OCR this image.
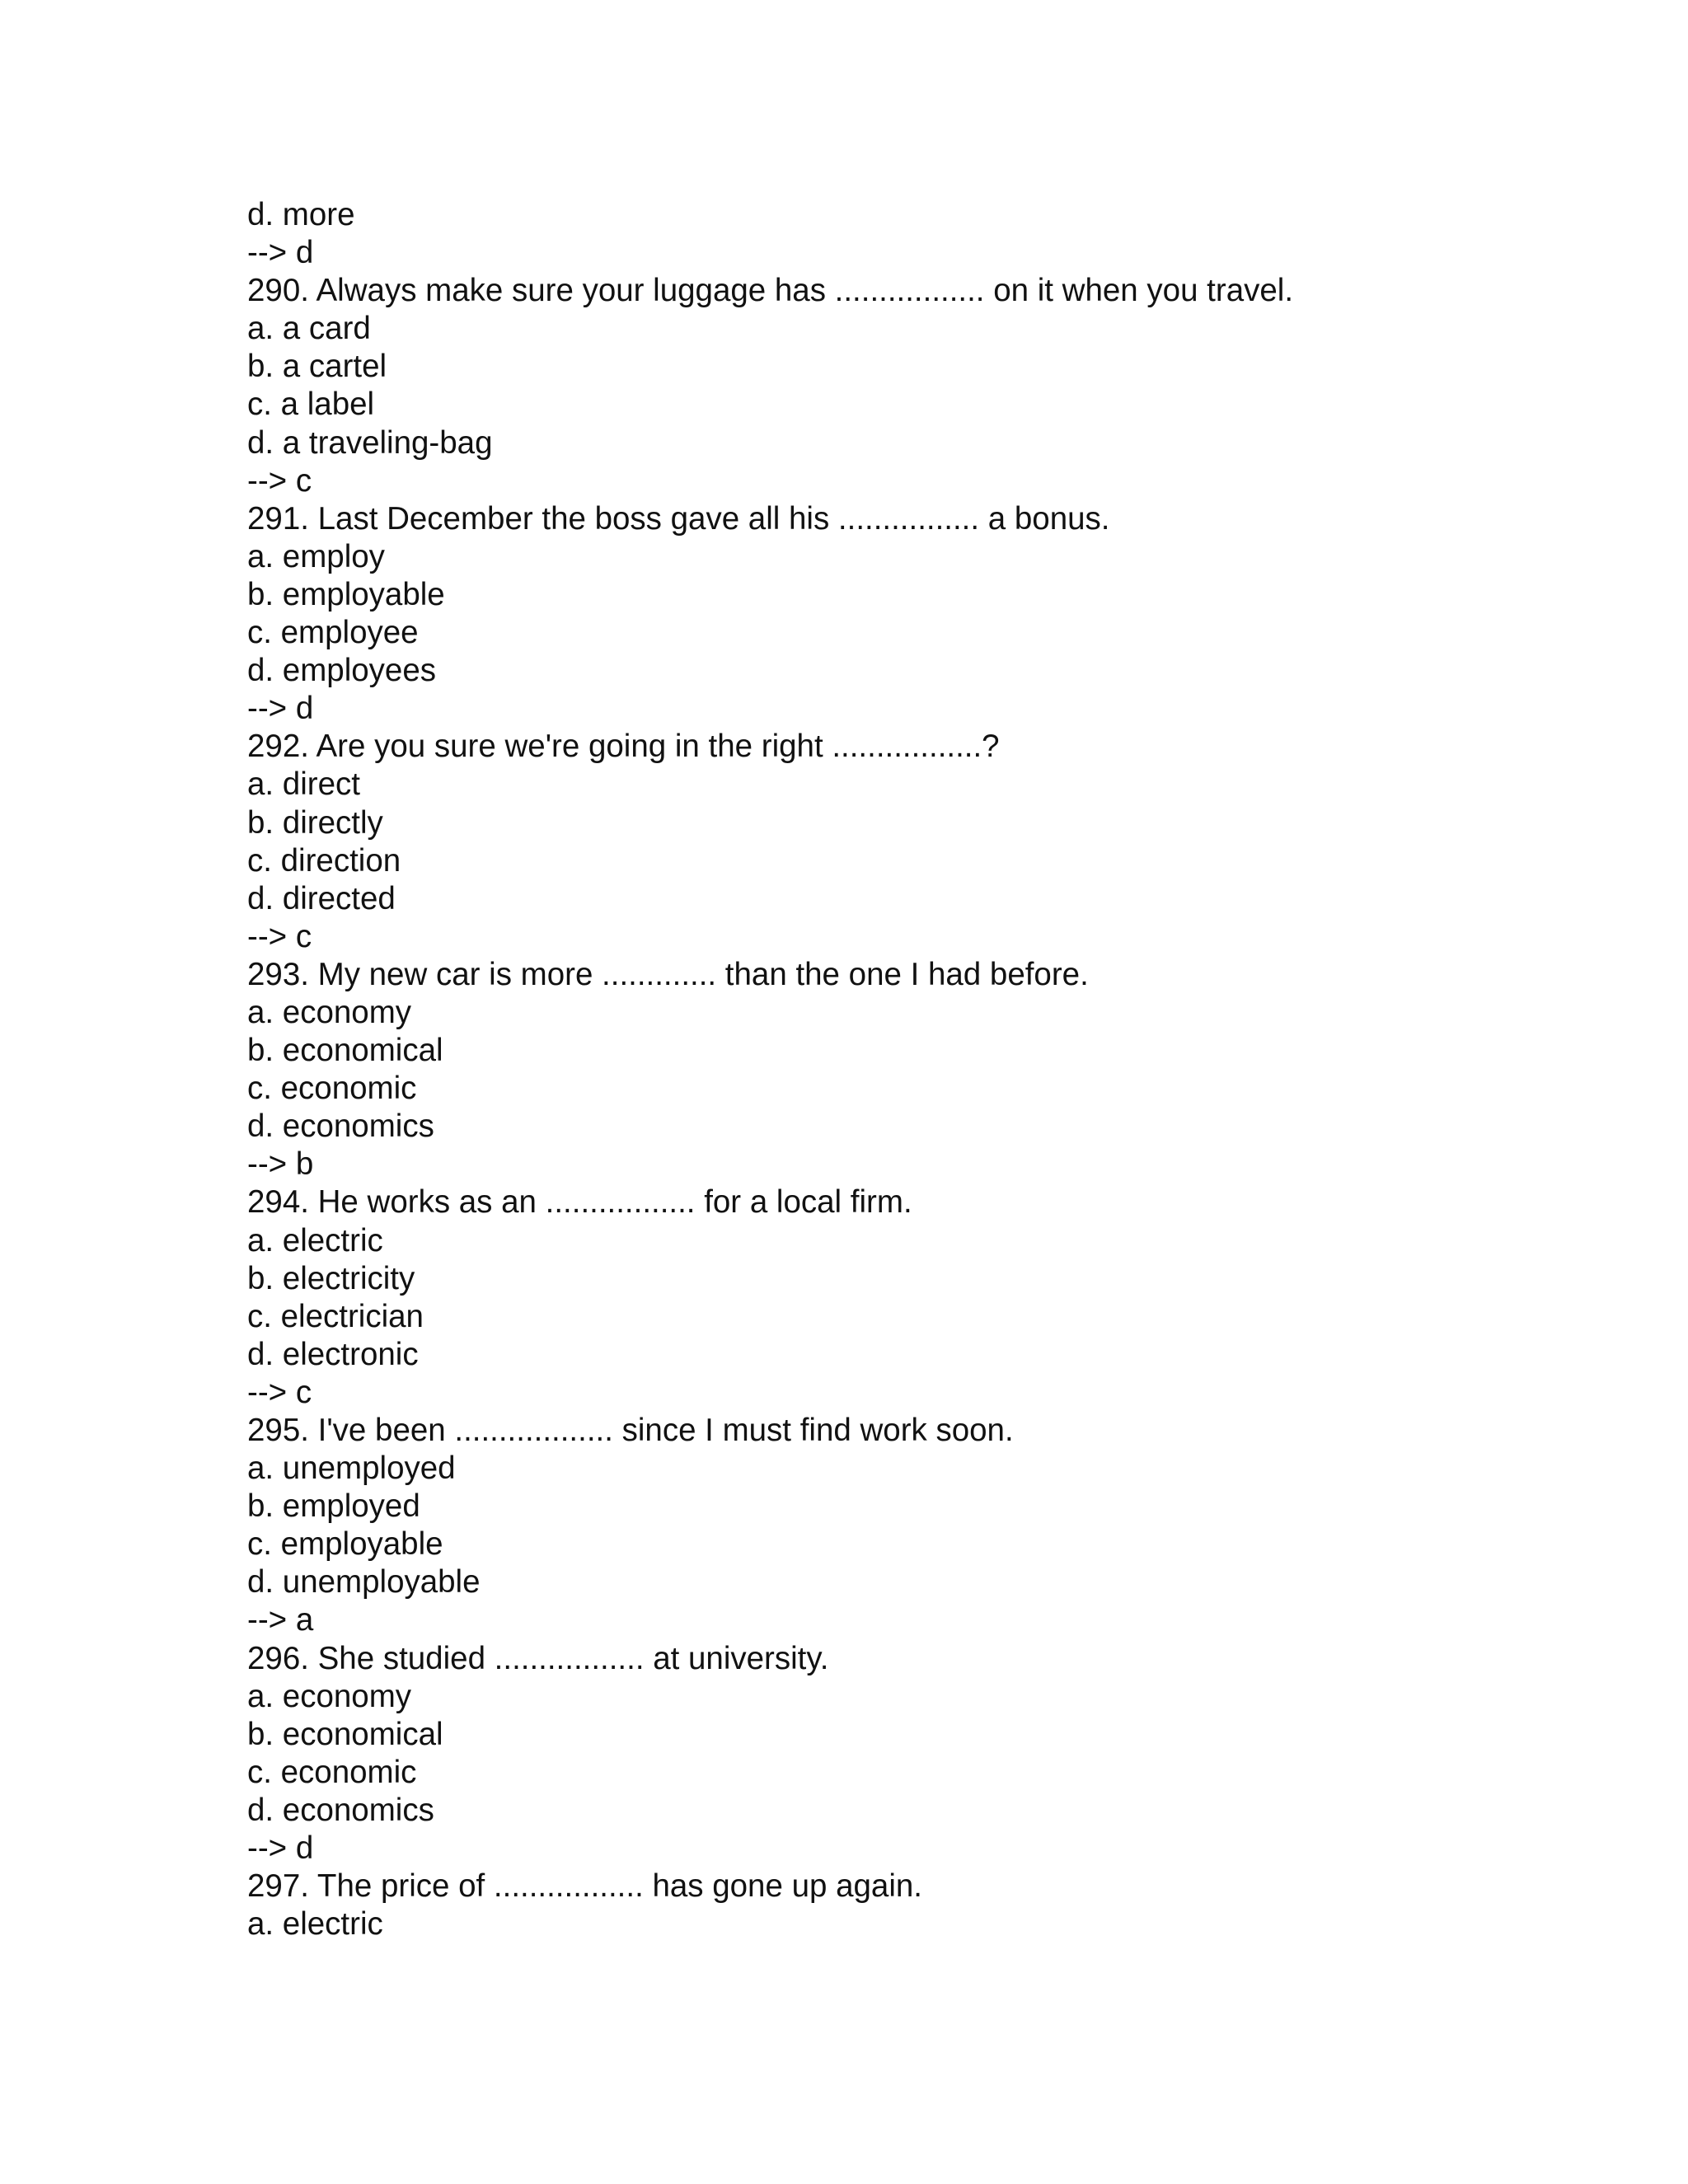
d. more

--> d

290. Always make sure your luggage has ................. on it when you travel.

a. a card

b. a cartel

c. a label

d. a traveling-bag

--> c

291. Last December the boss gave all his ................ a bonus.

a. employ

b. employable

c. employee

d. employees

--> d

292. Are you sure we're going in the right .................?

a. direct

b. directly

c. direction

d. directed

--> c

293. My new car is more ............. than the one I had before.

a. economy

b. economical

c. economic

d. economics

--> b

294. He works as an ................. for a local firm.

a. electric

b. electricity

c. electrician

d. electronic

--> c

295. I've been .................. since I must find work soon.

a. unemployed

b. employed

c. employable

d. unemployable

--> a

296. She studied ................. at university.

a. economy

b. economical

c. economic

d. economics

--> d

297. The price of ................. has gone up again.

a. electric
